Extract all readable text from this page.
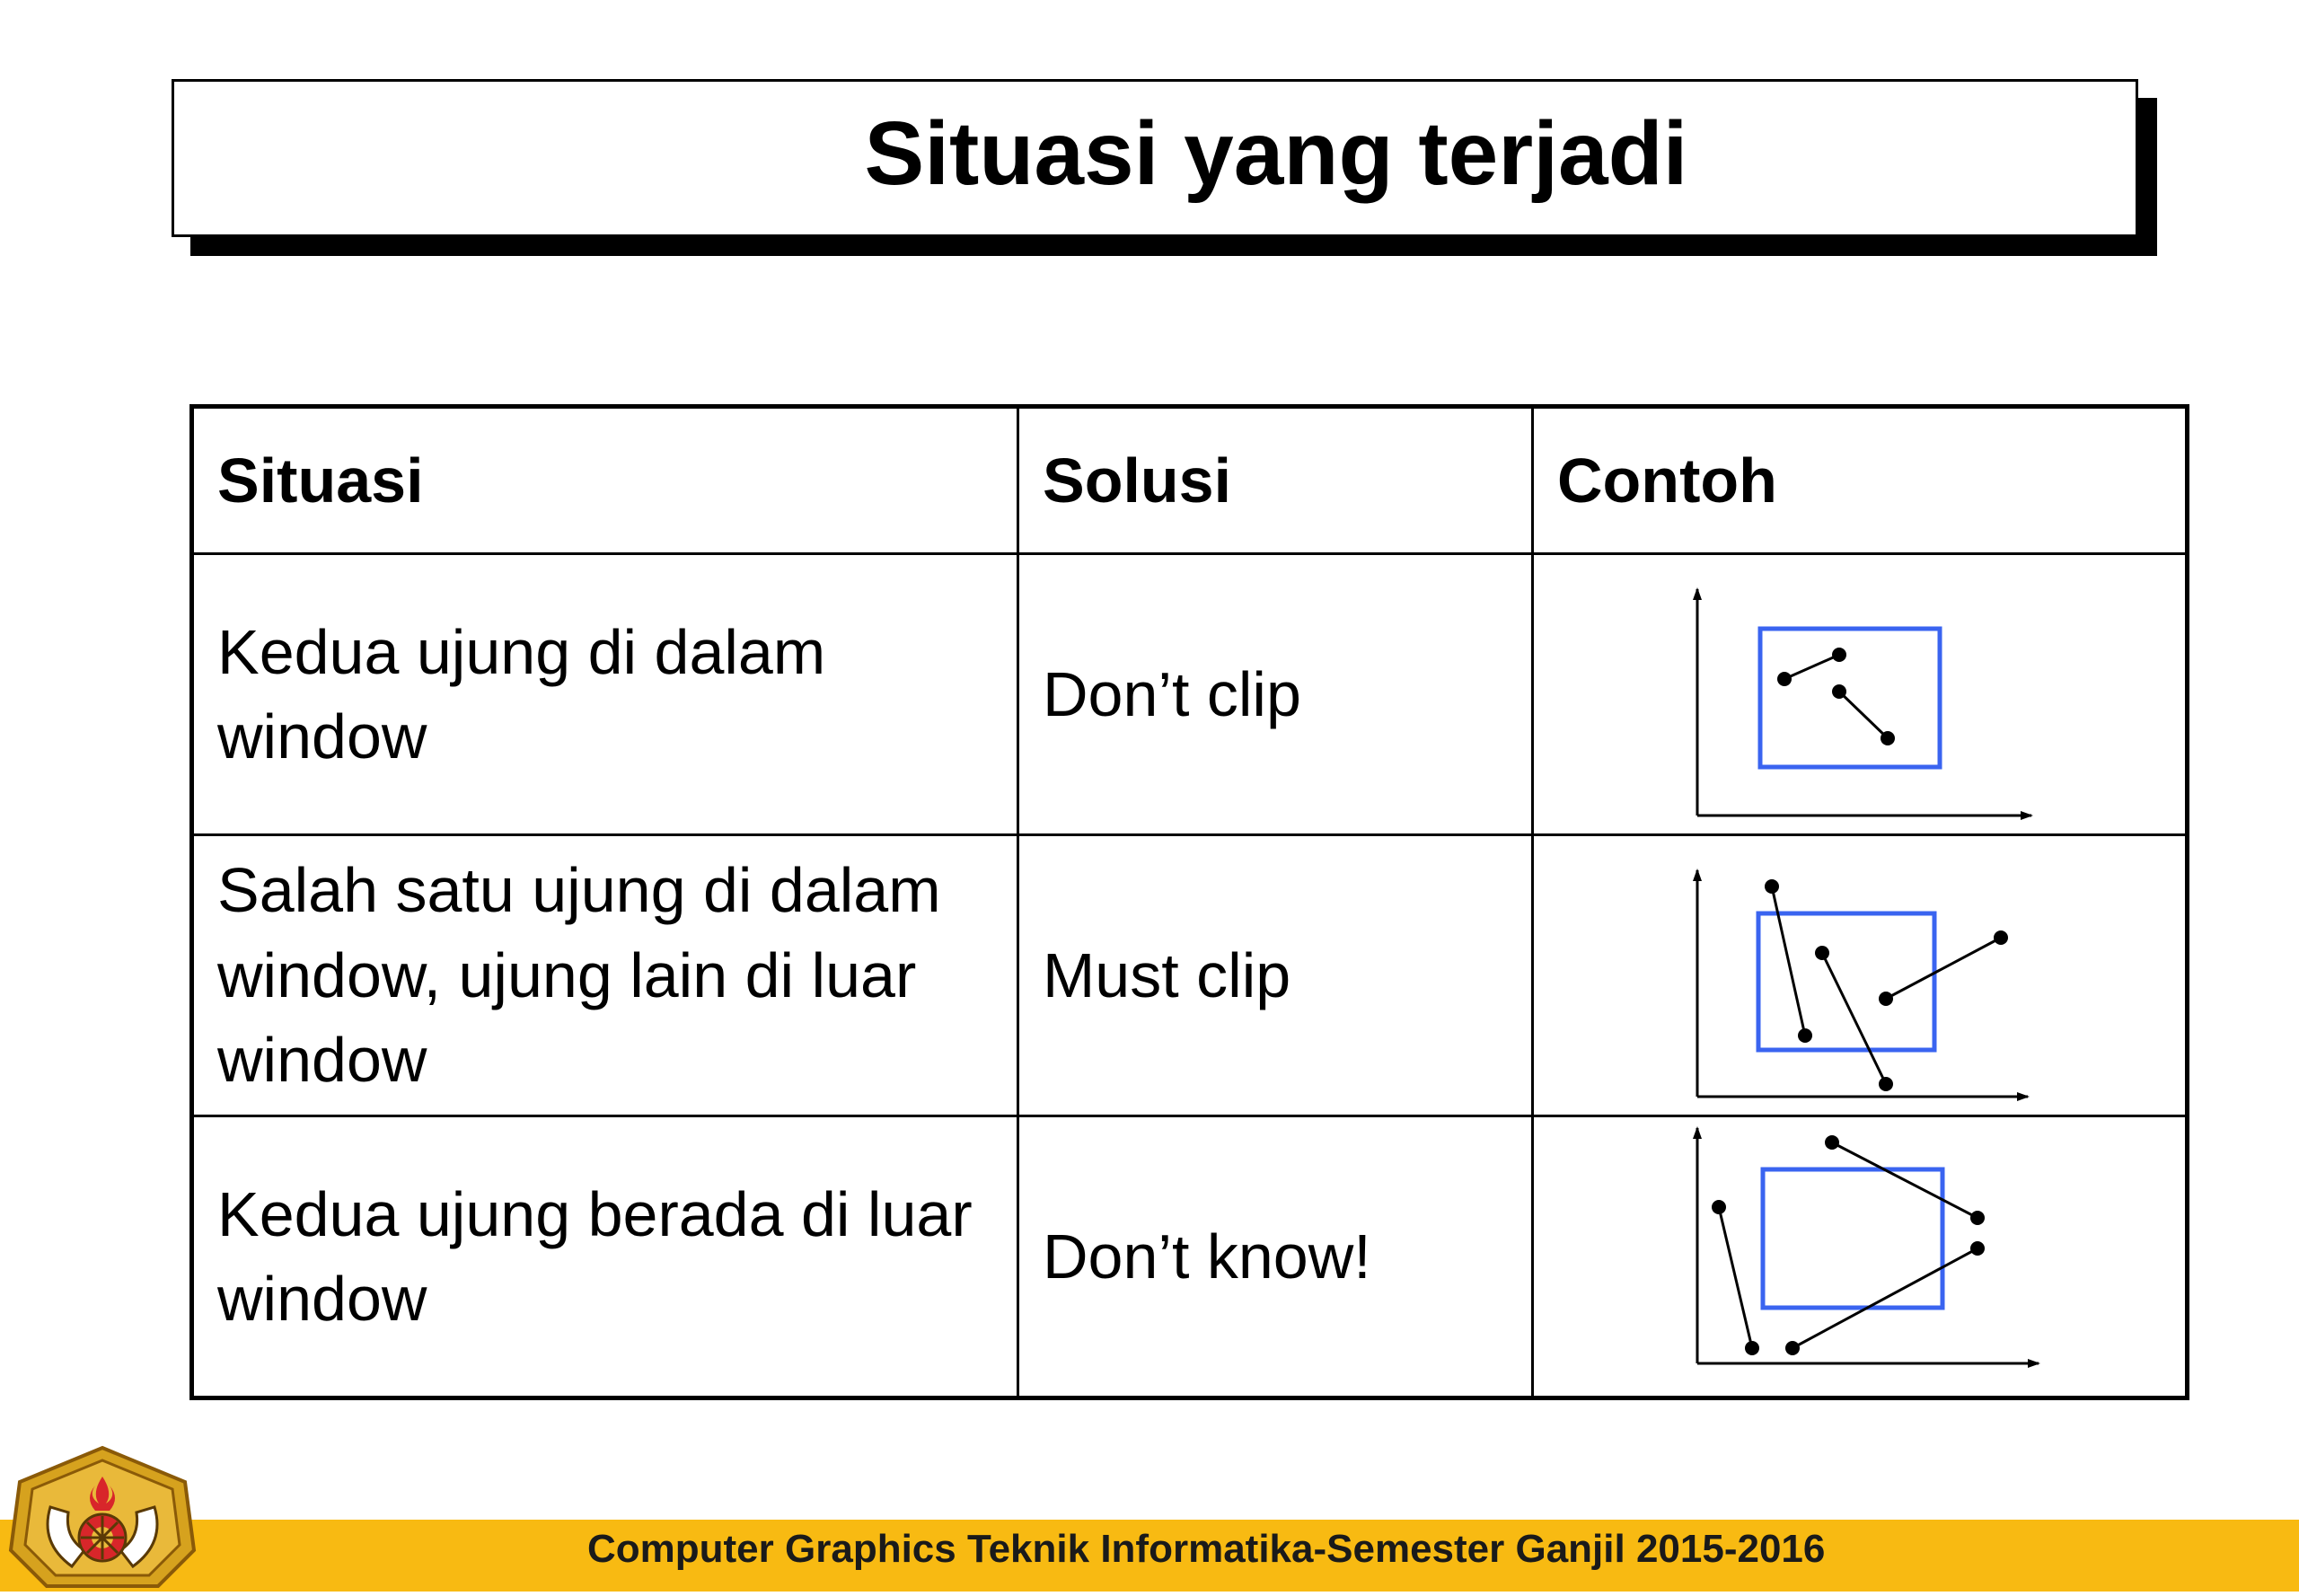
Situasi yang terjadi
Situasi	Solusi	Contoh
Kedua ujung di dalam window	Don’t clip	

Salah satu ujung di dalam window, ujung lain di luar window	Must clip	

Kedua ujung berada di luar window	Don’t know!	
Computer Graphics Teknik Informatika-Semester Ganjil 2015-2016
